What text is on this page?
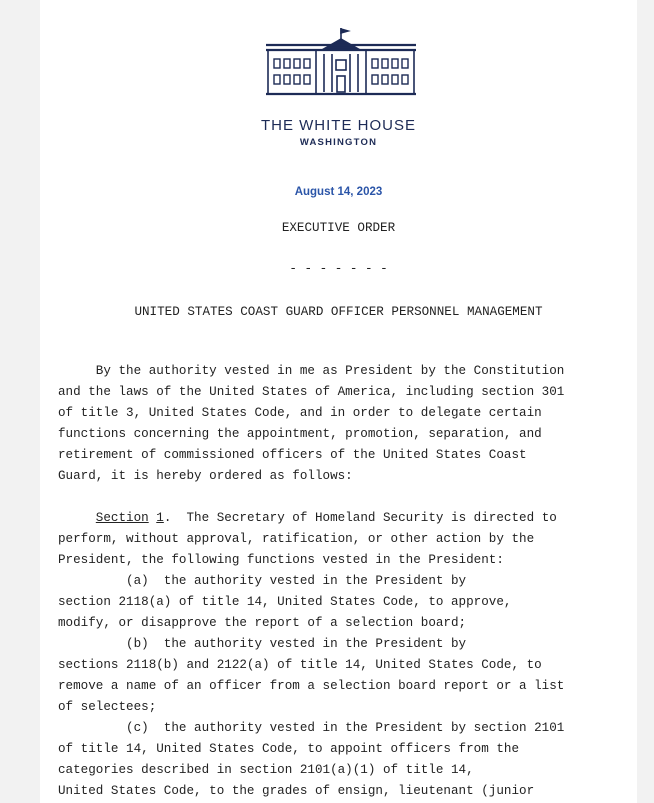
THE WHITE HOUSE
WASHINGTON
August 14, 2023
EXECUTIVE ORDER
- - - - - - -
UNITED STATES COAST GUARD OFFICER PERSONNEL MANAGEMENT
By the authority vested in me as President by the Constitution
and the laws of the United States of America, including section 301
of title 3, United States Code, and in order to delegate certain
functions concerning the appointment, promotion, separation, and
retirement of commissioned officers of the United States Coast
Guard, it is hereby ordered as follows:
Section 1.  The Secretary of Homeland Security is directed to
perform, without approval, ratification, or other action by the
President, the following functions vested in the President:
(a)  the authority vested in the President by
section 2118(a) of title 14, United States Code, to approve,
modify, or disapprove the report of a selection board;
(b)  the authority vested in the President by
sections 2118(b) and 2122(a) of title 14, United States Code, to
remove a name of an officer from a selection board report or a list
of selectees;
(c)  the authority vested in the President by section 2101
of title 14, United States Code, to appoint officers from the
categories described in section 2101(a)(1) of title 14,
United States Code, to the grades of ensign, lieutenant (junior
